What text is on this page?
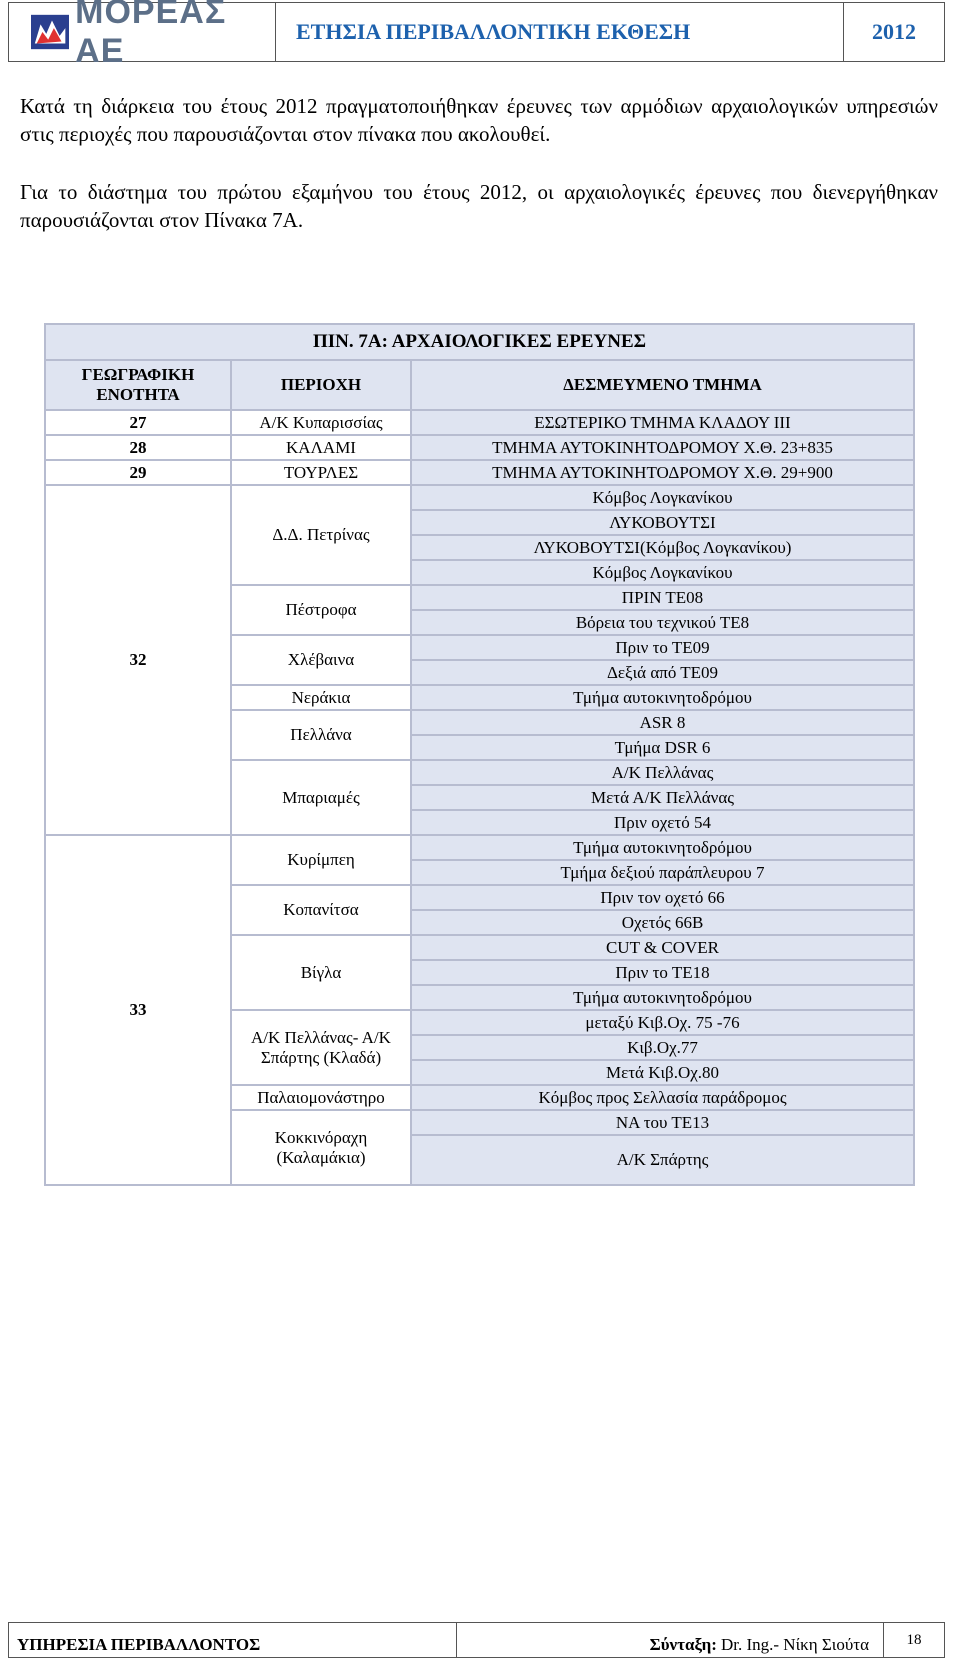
ΜΟΡΕΑΣ ΑΕ
ΕΤΗΣΙΑ ΠΕΡΙΒΑΛΛΟΝΤΙΚΗ ΕΚΘΕΣΗ	2012
Κατά τη διάρκεια του έτους 2012 πραγματοποιήθηκαν έρευνες των αρμόδιων αρχαιολογικών υπηρεσιών στις περιοχές που παρουσιάζονται στον πίνακα που ακολουθεί.
Για το διάστημα του πρώτου εξαμήνου του έτους 2012, οι αρχαιολογικές έρευνες που διενεργήθηκαν παρουσιάζονται στον Πίνακα 7Α.
ΠΙΝ. 7Α: ΑΡΧΑΙΟΛΟΓΙΚΕΣ ΕΡΕΥΝΕΣ		
ΓΕΩΓΡΑΦΙΚΗ ΕΝΟΤΗΤΑ	ΠΕΡΙΟΧΗ	ΔΕΣΜΕΥΜΕΝΟ ΤΜΗΜΑ
27	Α/Κ Κυπαρισσίας	ΕΣΩΤΕΡΙΚΟ ΤΜΗΜΑ ΚΛΑΔΟΥ ΙΙΙ
28	ΚΑΛΑΜΙ	ΤΜΗΜΑ ΑΥΤΟΚΙΝΗΤΟΔΡΟΜΟΥ Χ.Θ. 23+835
29	ΤΟΥΡΛΕΣ	ΤΜΗΜΑ ΑΥΤΟΚΙΝΗΤΟΔΡΟΜΟΥ Χ.Θ. 29+900
32	Δ.Δ. Πετρίνας	Κόμβος Λογκανίκου
		ΛΥΚΟΒΟΥΤΣΙ
		ΛΥΚΟΒΟΥΤΣΙ(Κόμβος Λογκανίκου)
		Κόμβος Λογκανίκου
	Πέστροφα	ΠΡΙΝ ΤΕ08
		Βόρεια του τεχνικού ΤΕ8
	Χλέβαινα	Πριν το ΤΕ09
		Δεξιά από ΤΕ09
	Νεράκια	Τμήμα αυτοκινητοδρόμου
	Πελλάνα	ASR 8
		Τμήμα DSR 6
	Μπαριαμές	Α/Κ Πελλάνας
		Μετά Α/Κ Πελλάνας
		Πριν οχετό 54
33	Κυρίμπεη	Τμήμα αυτοκινητοδρόμου
		Τμήμα δεξιού παράπλευρου 7
	Κοπανίτσα	Πριν τον οχετό 66
		Οχετός 66Β
	Βίγλα	CUT & COVER
		Πριν το ΤΕ18
		Τμήμα αυτοκινητοδρόμου
	Α/Κ Πελλάνας- Α/Κ Σπάρτης (Κλαδά)	μεταξύ Κιβ.Οχ. 75 -76
		Κιβ.Οχ.77
		Μετά Κιβ.Οχ.80
	Παλαιομονάστηρο	Κόμβος προς Σελλασία παράδρομος
	Κοκκινόραχη (Καλαμάκια)	ΝΑ του ΤΕ13
		Α/Κ Σπάρτης
ΥΠΗΡΕΣΙΑ ΠΕΡΙΒΑΛΛΟΝΤΟΣ	Σύνταξη: Dr. Ing.- Νίκη Σιούτα	18
